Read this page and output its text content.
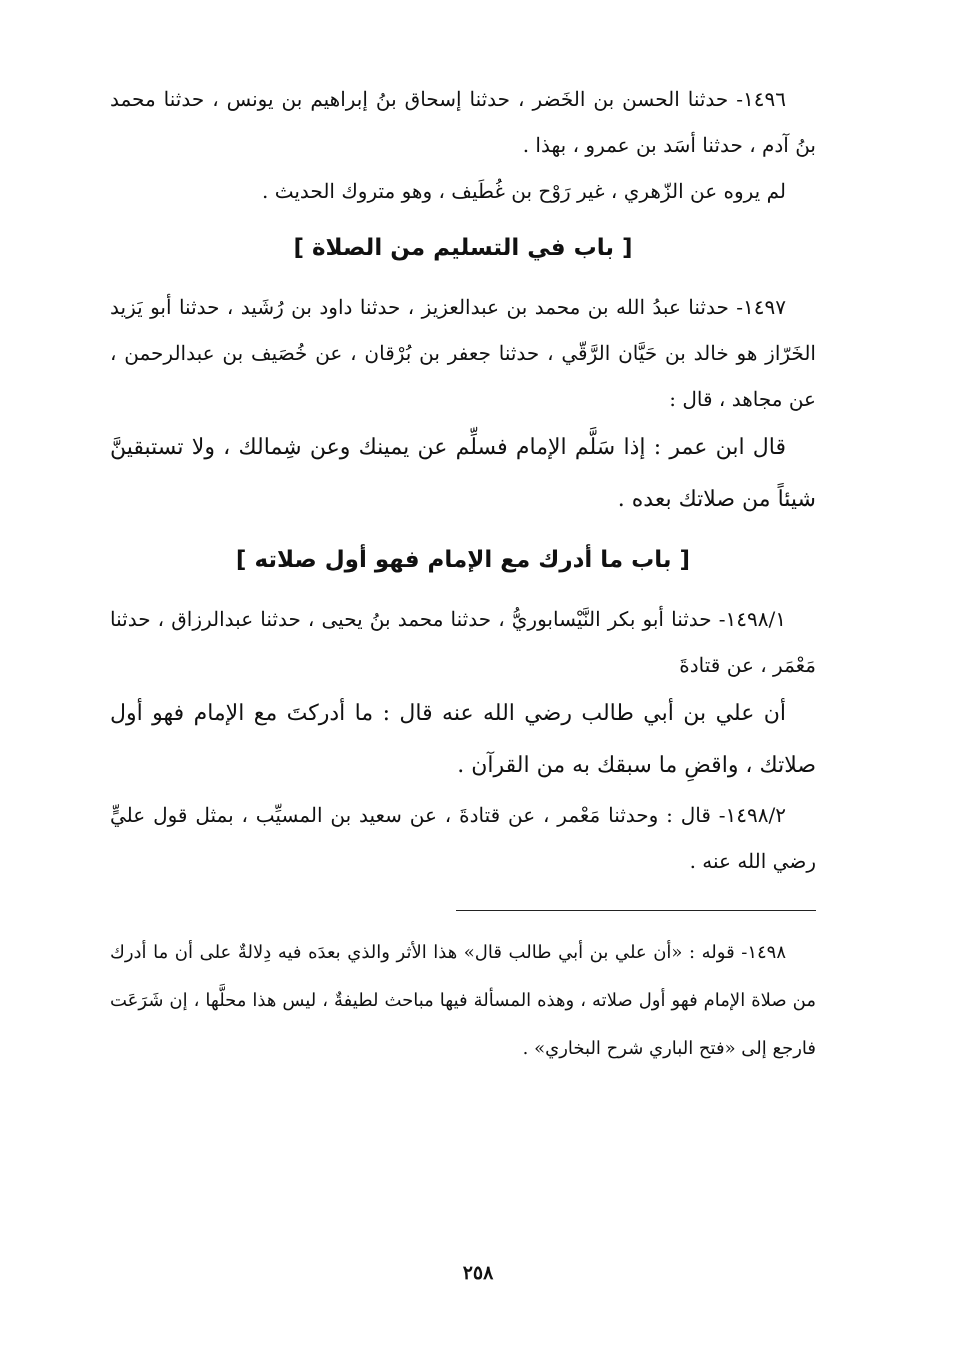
١٤٩٦- حدثنا الحسن بن الخَضر ، حدثنا إسحاق بنُ إبراهيم بن يونس ، حدثنا محمد بنُ آدم ، حدثنا أسَد بن عمرو ، بهذا .

لم يروه عن الزّهري ، غير رَوْح بن غُطَيف ، وهو متروك الحديث .

[ باب في التسليم من الصلاة ]

١٤٩٧- حدثنا عبدُ الله بن محمد بن عبدالعزيز ، حدثنا داود بن رُشَيد ، حدثنا أبو يَزيد الخَرّاز هو خالد بن حَيَّان الرَّقّي ، حدثنا جعفر بن بُرْقان ، عن خُصَيف بن عبدالرحمن ، عن مجاهد ، قال :

قال ابن عمر : إذا سَلَّم الإمام فسلِّم عن يمينك وعن شِمالك ، ولا تستبقينَّ شيئاً من صلاتك بعده .

[ باب ما أدرك مع الإمام فهو أول صلاته ]

١٤٩٨/١- حدثنا أبو بكر النَّيْسابوريُّ ، حدثنا محمد بنُ يحيى ، حدثنا عبدالرزاق ، حدثنا مَعْمَر ، عن قتادةَ

أن علي بن أبي طالب رضي الله عنه قال : ما أدركتَ مع الإمام فهو أول صلاتك ، واقضِ ما سبقك به من القرآن .

١٤٩٨/٢- قال : وحدثنا مَعْمر ، عن قتادةَ ، عن سعيد بن المسيِّب ، بمثل قول عليٍّ رضي الله عنه .

١٤٩٨- قوله : «أن علي بن أبي طالب قال» هذا الأثر والذي بعدَه فيه دِلالةٌ على أن ما أدرك من صلاة الإمام فهو أول صلاته ، وهذه المسألة فيها مباحث لطيفةٌ ، ليس هذا محلَّها ، إن شَرَعَت فارجع إلى «فتح الباري شرح البخاري» .

٢٥٨
